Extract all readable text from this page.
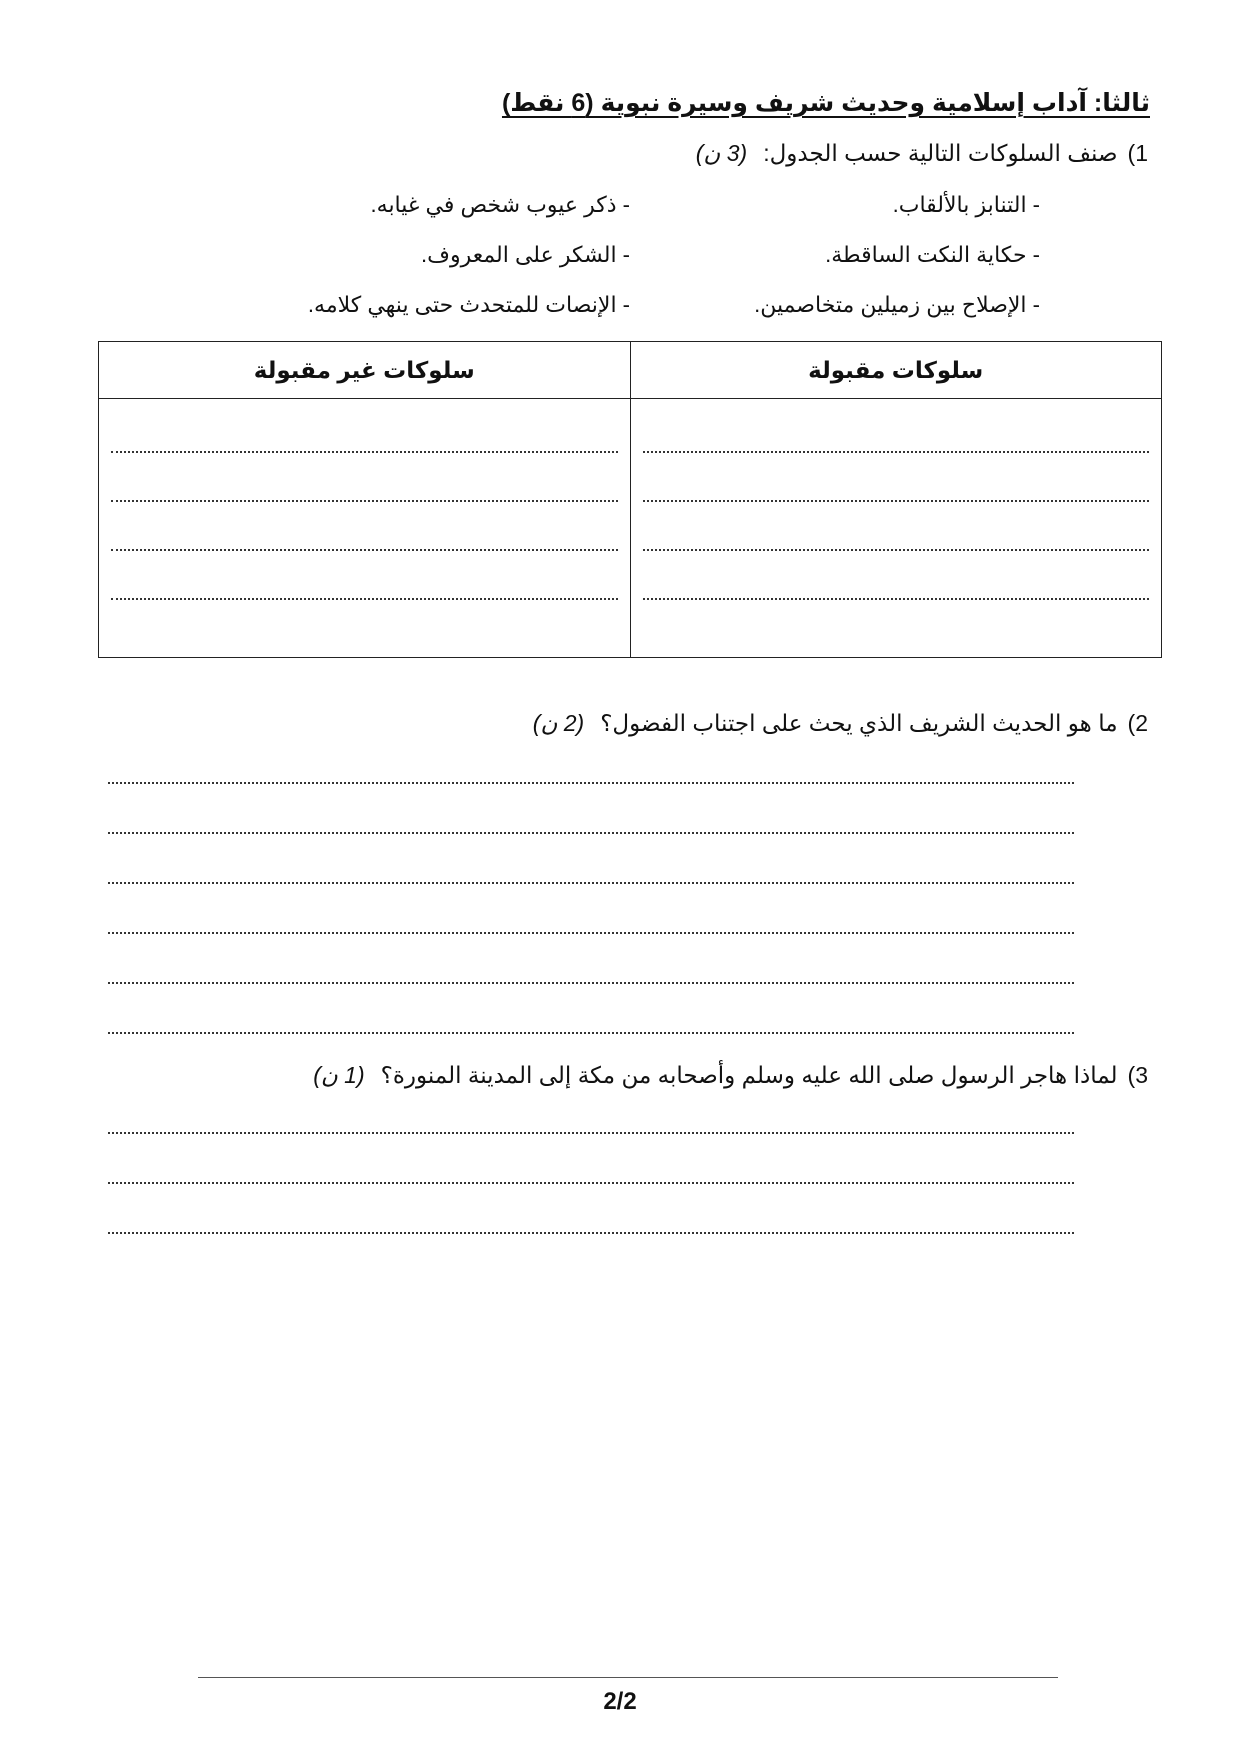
ثالثا: آداب إسلامية وحديث شريف وسيرة نبوية (6 نقط)
1)
صنف السلوكات التالية حسب الجدول:
(3 ن)
- التنابز بالألقاب.
- حكاية النكت الساقطة.
- الإصلاح بين زميلين متخاصمين.
- ذكر عيوب شخص في غيابه.
- الشكر على المعروف.
- الإنصات للمتحدث حتى ينهي كلامه.
سلوكات مقبولة	سلوكات غير مقبولة

2)
ما هو الحديث الشريف الذي يحث على اجتناب الفضول؟
(2 ن)
3)
لماذا هاجر الرسول صلى الله عليه وسلم وأصحابه من مكة إلى المدينة المنورة؟
(1 ن)
2/2
